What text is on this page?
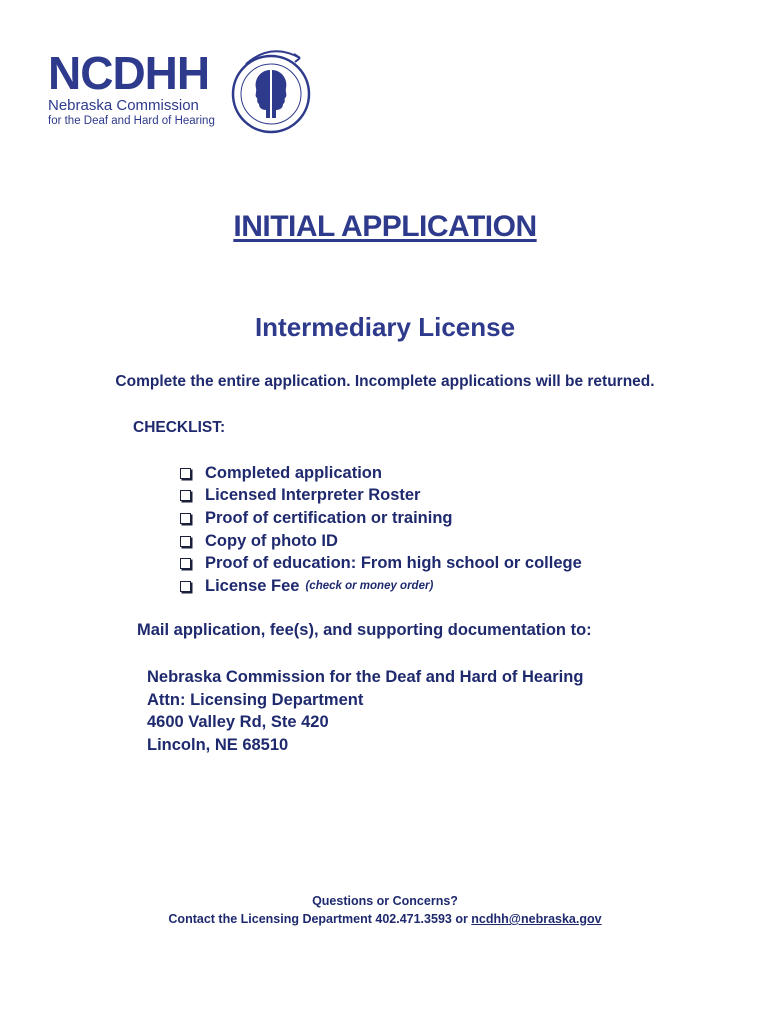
NCDHH
Nebraska Commission
for the Deaf and Hard of Hearing
INITIAL APPLICATION
Intermediary License
Complete the entire application. Incomplete applications will be returned.
CHECKLIST:
Completed application
Licensed Interpreter Roster
Proof of certification or training
Copy of photo ID
Proof of education: From high school or college
License Fee (check or money order)
Mail application, fee(s), and supporting documentation to:
Nebraska Commission for the Deaf and Hard of Hearing
Attn: Licensing Department
4600 Valley Rd, Ste 420
Lincoln, NE 68510
Questions or Concerns?
Contact the Licensing Department 402.471.3593 or ncdhh@nebraska.gov
